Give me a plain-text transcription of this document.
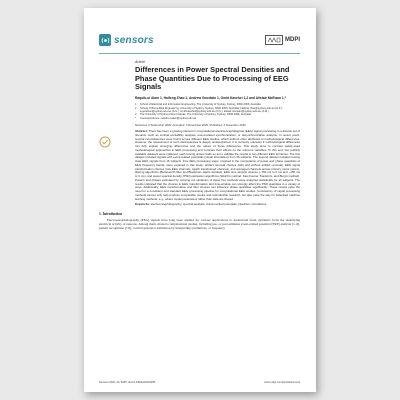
sensors	MDPI
Article
Differences in Power Spectral Densities and Phase Quantities Due to Processing of EEG Signals
Raquib-ul Alam 1, Haifeng Zhao 1, Andrew Goodwin 1, Omid Kavehei 1,2 and Alistair McEwan 1,*
1	School of Electrical and Information Engineering, The University of Sydney, Sydney, NSW 2006, Australia
2	School of Biomedical Engineering, University of Sydney, Sydney, NSW 2006, Australia; haifeng.zhao@sydney.edu.au (H.Z.); a.goodwin@sydney.edu.au (A.G.); omid.kavehei@sydney.edu.au (O.K.); alistair.mcewan@sydney.edu.au (A.M.)
3	The University of Sydney Nano Institute, The University of Sydney, Sydney, NSW 2006, Australia
*	Correspondence: raquib.ul.alam@sydney.edu.au
Received: 2 September 2020; Accepted: 3 November 2020; Published: 4 November 2020
Abstract: There has been a growing interest in computational electroencephalogram (EEG) signal processing in a diverse set of domains, such as cortical excitability analysis, event-related synchronization, or desynchronization analysis. In recent years, several inconsistencies were found across different EEG studies, which authors often attributed to methodological differences. However, the assessment of such discrepancies is deeply underexplored. It is currently unknown if methodological differences can fully explain emerging differences and the nature of these differences. This study aims to contrast widely-used methodological approaches in EEG processing and compare their effects on the outcome variables. To this end, two publicly available datasets were collected, each having unique traits so as to validate the results in two different EEG territories. The first dataset included signals with event-related potentials (visual stimulation) from 45 subjects. The second dataset included resting state EEG signals from 16 subjects. Five EEG processing steps, involved in the computation of power and phase quantities of EEG frequency bands, were explored in this study: artifact removal choices (with and without artifact removal), EEG signal transformation choices (raw EEG channels, Hjorth transformed channels, and averaged channels across primary motor cortex), filtering algorithms (Butterworth filter and Blackman–Harris window), EEG time window choices (−750 ms to 0 ms and −250 ms to 0 ms), and power spectral density (PSD) estimation algorithms (Welch's method, Fast Fourier Transform, and Burg's method). Powers and phases estimated by carrying out variations of these five methods were analyzed statistically for all subjects. The results indicated that the choices in EEG transformation and time-window can strongly affect the PSD quantities in a variety of ways. Additionally, EEG transformation and filter choices can influence phase quantities significantly. These results raise the need for a consistent and standard EEG processing pipeline for computational EEG studies. Consistency of signal processing methods cannot only help produce comparable results and reproducible research, but also pave the way for federated machine learning methods, e.g., where model parameters rather than data are shared.
Keywords: electroencephalography; spectral analysis; visual evoked potentials; pipelines; correlations
1. Introduction
Electroencephalography (EEG) signals have long been studied for various applications to understand brain dynamics from the underlying electrical activity of neurons. Among them, modern computational studies, including pre- or post-stimulus event-related potential (ERP) analysis [1–6], pattern recognition [7,8], cortical generator estimation by interpreting oscillations, or frequency
Sensors 2020, 20, 6285; doi:10.3390/s20216285	www.mdpi.com/journal/sensors
